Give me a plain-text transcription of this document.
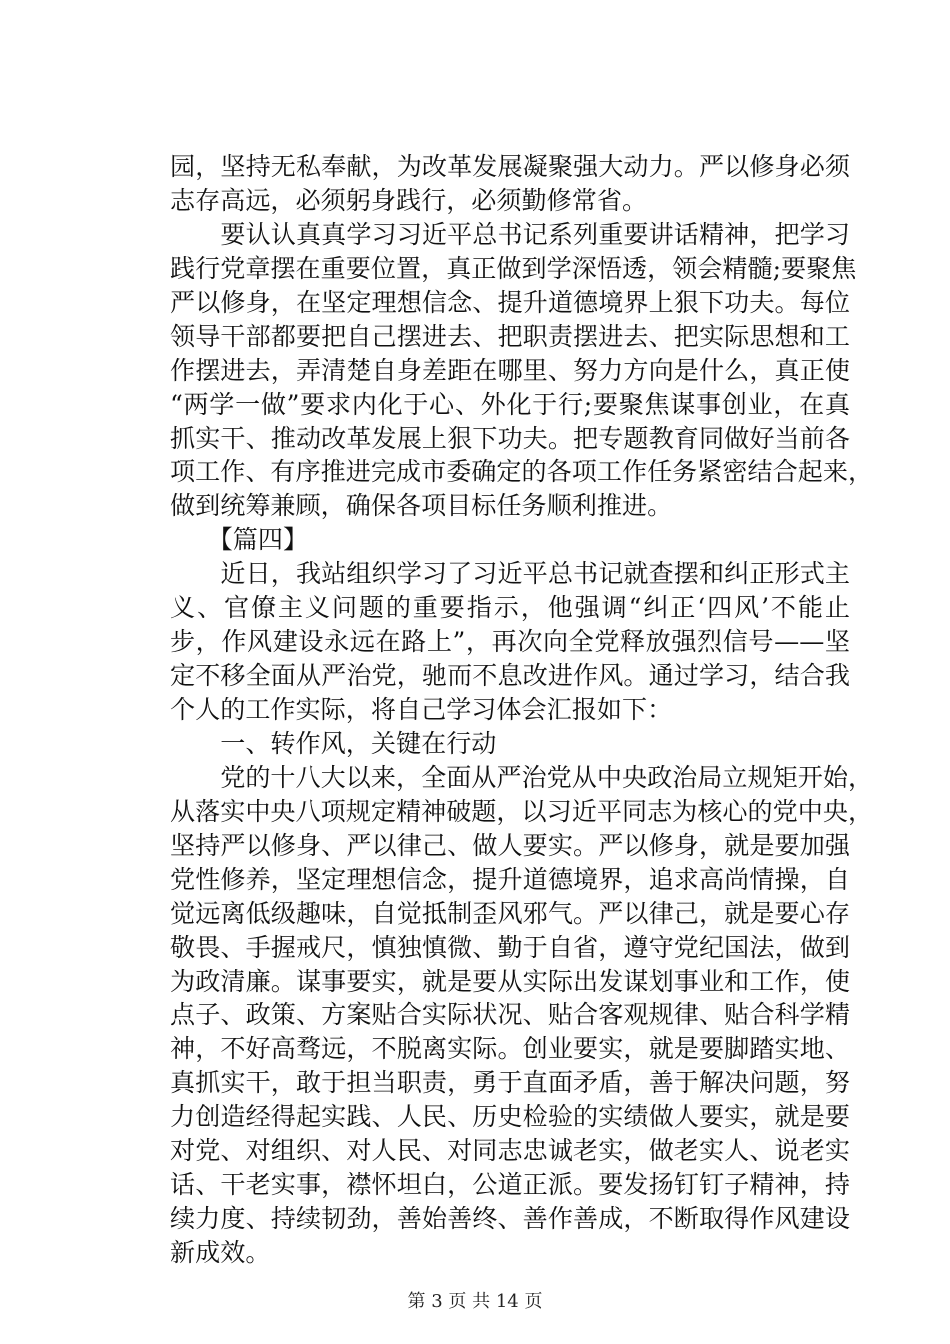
园，坚持无私奉献，为改革发展凝聚强大动力。严以修身必须
志存高远，必须躬身践行，必须勤修常省。
　　要认认真真学习习近平总书记系列重要讲话精神，把学习
践行党章摆在重要位置，真正做到学深悟透，领会精髓;要聚焦
严以修身，在坚定理想信念、提升道德境界上狠下功夫。每位
领导干部都要把自己摆进去、把职责摆进去、把实际思想和工
作摆进去，弄清楚自身差距在哪里、努力方向是什么，真正使
“两学一做”要求内化于心、外化于行;要聚焦谋事创业，在真
抓实干、推动改革发展上狠下功夫。把专题教育同做好当前各
项工作、有序推进完成市委确定的各项工作任务紧密结合起来，
做到统筹兼顾，确保各项目标任务顺利推进。
　　【篇四】
　　近日，我站组织学习了习近平总书记就查摆和纠正形式主
义、官僚主义问题的重要指示，他强调“纠正‘四风’不能止
步，作风建设永远在路上”，再次向全党释放强烈信号——坚
定不移全面从严治党，驰而不息改进作风。通过学习，结合我
个人的工作实际，将自己学习体会汇报如下：
　　一、转作风，关键在行动
　　党的十八大以来，全面从严治党从中央政治局立规矩开始，
从落实中央八项规定精神破题，以习近平同志为核心的党中央，
坚持严以修身、严以律己、做人要实。严以修身，就是要加强
党性修养，坚定理想信念，提升道德境界，追求高尚情操，自
觉远离低级趣味，自觉抵制歪风邪气。严以律己，就是要心存
敬畏、手握戒尺，慎独慎微、勤于自省，遵守党纪国法，做到
为政清廉。谋事要实，就是要从实际出发谋划事业和工作，使
点子、政策、方案贴合实际状况、贴合客观规律、贴合科学精
神，不好高骛远，不脱离实际。创业要实，就是要脚踏实地、
真抓实干，敢于担当职责，勇于直面矛盾，善于解决问题，努
力创造经得起实践、人民、历史检验的实绩做人要实，就是要
对党、对组织、对人民、对同志忠诚老实，做老实人、说老实
话、干老实事，襟怀坦白，公道正派。要发扬钉钉子精神，持
续力度、持续韧劲，善始善终、善作善成，不断取得作风建设
新成效。
第 3 页 共 14 页
